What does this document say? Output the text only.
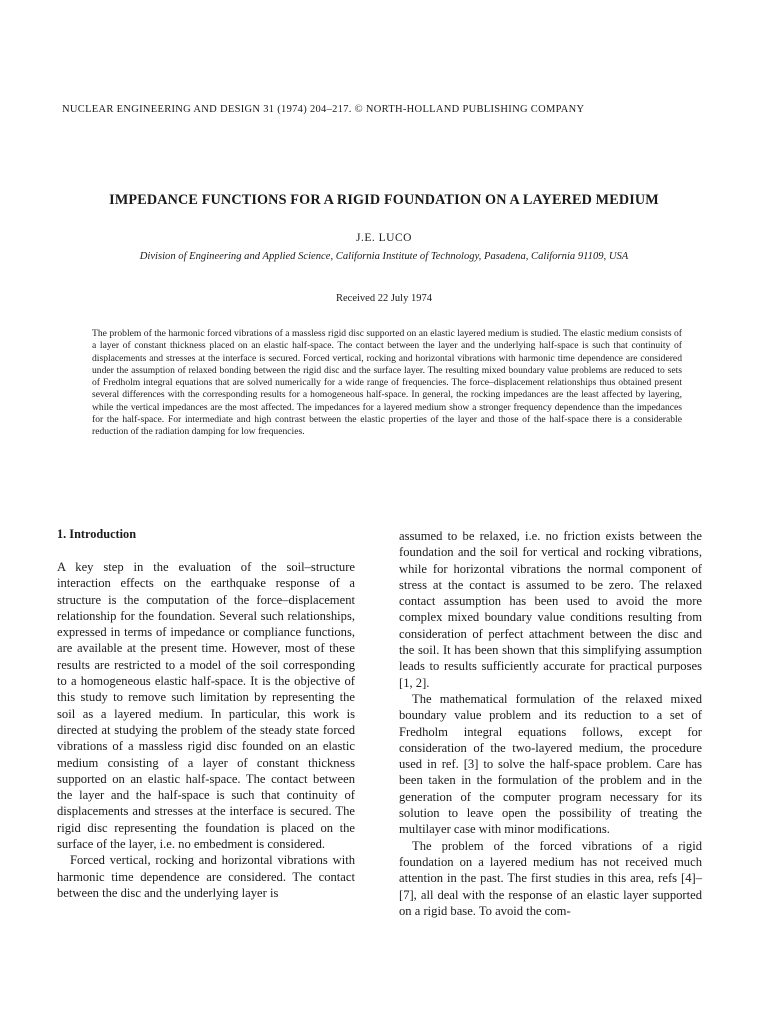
NUCLEAR ENGINEERING AND DESIGN 31 (1974) 204–217. © NORTH-HOLLAND PUBLISHING COMPANY
IMPEDANCE FUNCTIONS FOR A RIGID FOUNDATION ON A LAYERED MEDIUM
J.E. LUCO
Division of Engineering and Applied Science, California Institute of Technology, Pasadena, California 91109, USA
Received 22 July 1974

The problem of the harmonic forced vibrations of a massless rigid disc supported on an elastic layered medium is studied. The elastic medium consists of a layer of constant thickness placed on an elastic half-space. The contact between the layer and the underlying half-space is such that continuity of displacements and stresses at the interface is secured. Forced vertical, rocking and horizontal vibrations with harmonic time dependence are considered under the assumption of relaxed bonding between the rigid disc and the surface layer. The resulting mixed boundary value problems are reduced to sets of Fredholm integral equations that are solved numerically for a wide range of frequencies. The force–displacement relationships thus obtained present several differences with the corresponding results for a homogeneous half-space. In general, the rocking impedances are the least affected by layering, while the vertical impedances are the most affected. The impedances for a layered medium show a stronger frequency dependence than the impedances for the half-space. For intermediate and high contrast between the elastic properties of the layer and those of the half-space there is a considerable reduction of the radiation damping for low frequencies.

1. Introduction

A key step in the evaluation of the soil–structure interaction effects on the earthquake response of a structure is the computation of the force–displacement relationship for the foundation. Several such relationships, expressed in terms of impedance or compliance functions, are available at the present time. However, most of these results are restricted to a model of the soil corresponding to a homogeneous elastic half-space. It is the objective of this study to remove such limitation by representing the soil as a layered medium. In particular, this work is directed at studying the problem of the steady state forced vibrations of a massless rigid disc founded on an elastic medium consisting of a layer of constant thickness supported on an elastic half-space. The contact between the layer and the half-space is such that continuity of displacements and stresses at the interface is secured. The rigid disc representing the foundation is placed on the surface of the layer, i.e. no embedment is considered.

Forced vertical, rocking and horizontal vibrations with harmonic time dependence are considered. The contact between the disc and the underlying layer is

assumed to be relaxed, i.e. no friction exists between the foundation and the soil for vertical and rocking vibrations, while for horizontal vibrations the normal component of stress at the contact is assumed to be zero. The relaxed contact assumption has been used to avoid the more complex mixed boundary value conditions resulting from consideration of perfect attachment between the disc and the soil. It has been shown that this simplifying assumption leads to results sufficiently accurate for practical purposes [1, 2].

The mathematical formulation of the relaxed mixed boundary value problem and its reduction to a set of Fredholm integral equations follows, except for consideration of the two-layered medium, the procedure used in ref. [3] to solve the half-space problem. Care has been taken in the formulation of the problem and in the generation of the computer program necessary for its solution to leave open the possibility of treating the multilayer case with minor modifications.

The problem of the forced vibrations of a rigid foundation on a layered medium has not received much attention in the past. The first studies in this area, refs [4]–[7], all deal with the response of an elastic layer supported on a rigid base. To avoid the com-
